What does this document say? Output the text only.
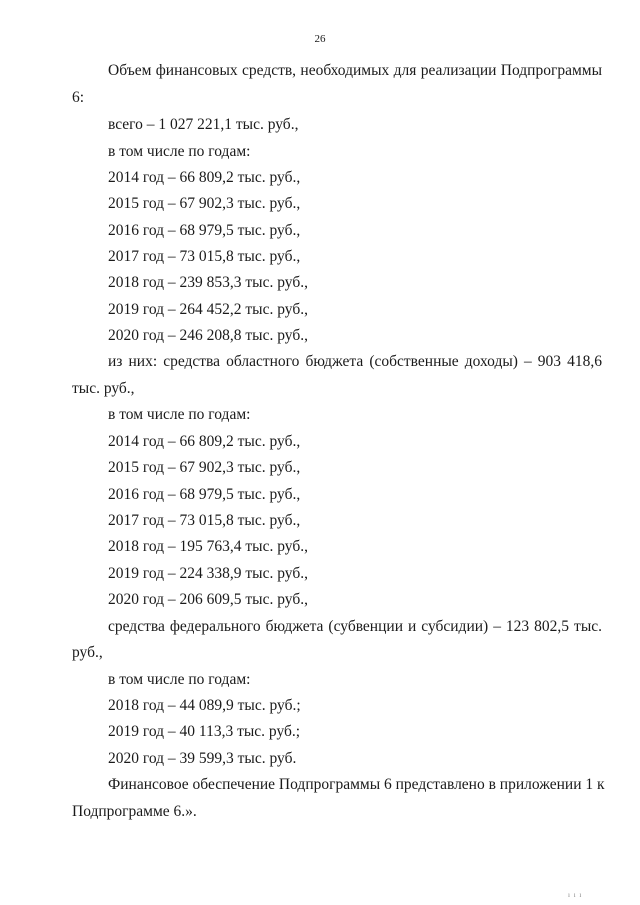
26
Объем финансовых средств, необходимых для реализации Подпрограммы
6:
всего – 1 027 221,1 тыс. руб.,
в том числе по годам:
2014 год – 66 809,2 тыс. руб.,
2015 год – 67 902,3 тыс. руб.,
2016 год – 68 979,5 тыс. руб.,
2017 год – 73 015,8 тыс. руб.,
2018 год – 239 853,3 тыс. руб.,
2019 год – 264 452,2 тыс. руб.,
2020 год – 246 208,8 тыс. руб.,
из них: средства областного бюджета (собственные доходы) – 903 418,6
тыс. руб.,
в том числе по годам:
2014 год – 66 809,2 тыс. руб.,
2015 год – 67 902,3 тыс. руб.,
2016 год – 68 979,5 тыс. руб.,
2017 год – 73 015,8 тыс. руб.,
2018 год – 195 763,4 тыс. руб.,
2019 год – 224 338,9 тыс. руб.,
2020 год – 206 609,5 тыс. руб.,
средства федерального бюджета (субвенции и субсидии) – 123 802,5 тыс.
руб.,
в том числе по годам:
2018 год – 44 089,9 тыс. руб.;
2019 год – 40 113,3 тыс. руб.;
2020 год – 39 599,3 тыс. руб.
Финансовое обеспечение Подпрограммы 6 представлено в приложении 1 к
Подпрограмме 6.».
ı ı ı
